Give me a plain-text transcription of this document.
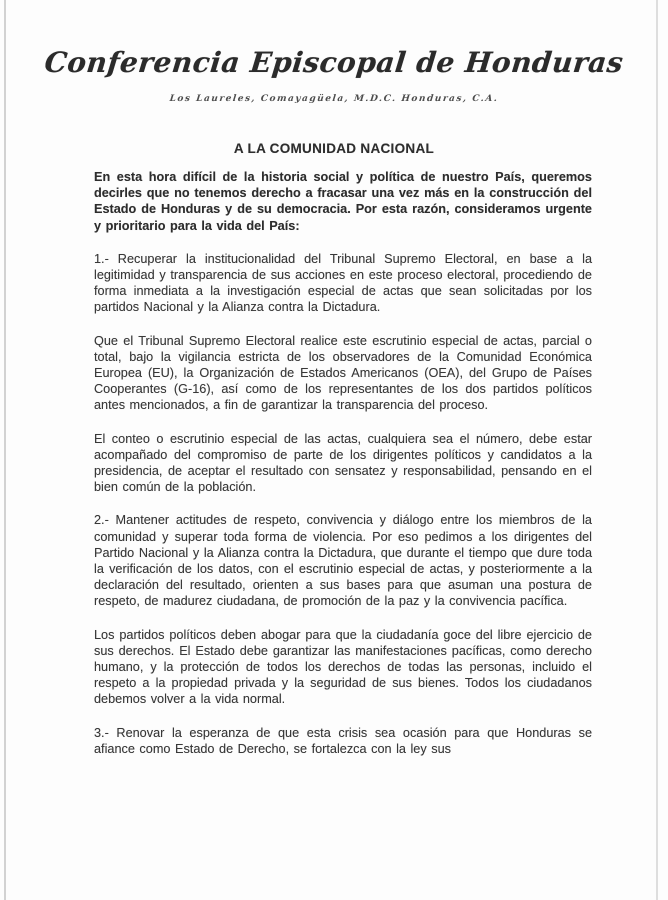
Conferencia Episcopal de Honduras
Los Laureles, Comayagüela, M.D.C. Honduras, C.A.
A LA COMUNIDAD NACIONAL

En esta hora difícil de la historia social y política de nuestro País, queremos decirles que no tenemos derecho a fracasar una vez más en la construcción del Estado de Honduras y de su democracia. Por esta razón, consideramos urgente y prioritario para la vida del País:

1.- Recuperar la institucionalidad del Tribunal Supremo Electoral, en base a la legitimidad y transparencia de sus acciones en este proceso electoral, procediendo de forma inmediata a la investigación especial de actas que sean solicitadas por los partidos Nacional y la Alianza contra la Dictadura.

Que el Tribunal Supremo Electoral realice este escrutinio especial de actas, parcial o total, bajo la vigilancia estricta de los observadores de la Comunidad Económica Europea (EU), la Organización de Estados Americanos (OEA), del Grupo de Países Cooperantes (G-16), así como de los representantes de los dos partidos políticos antes mencionados, a fin de garantizar la transparencia del proceso.

El conteo o escrutinio especial de las actas, cualquiera sea el número, debe estar acompañado del compromiso de parte de los dirigentes políticos y candidatos a la presidencia, de aceptar el resultado con sensatez y responsabilidad, pensando en el bien común de la población.

2.- Mantener actitudes de respeto, convivencia y diálogo entre los miembros de la comunidad y superar toda forma de violencia. Por eso pedimos a los dirigentes del Partido Nacional y la Alianza contra la Dictadura, que durante el tiempo que dure toda la verificación de los datos, con el escrutinio especial de actas, y posteriormente a la declaración del resultado, orienten a sus bases para que asuman una postura de respeto, de madurez ciudadana, de promoción de la paz y la convivencia pacífica.

Los partidos políticos deben abogar para que la ciudadanía goce del libre ejercicio de sus derechos. El Estado debe garantizar las manifestaciones pacíficas, como derecho humano, y la protección de todos los derechos de todas las personas, incluido el respeto a la propiedad privada y la seguridad de sus bienes. Todos los ciudadanos debemos volver a la vida normal.

3.- Renovar la esperanza de que esta crisis sea ocasión para que Honduras se afiance como Estado de Derecho, se fortalezca con la ley sus
